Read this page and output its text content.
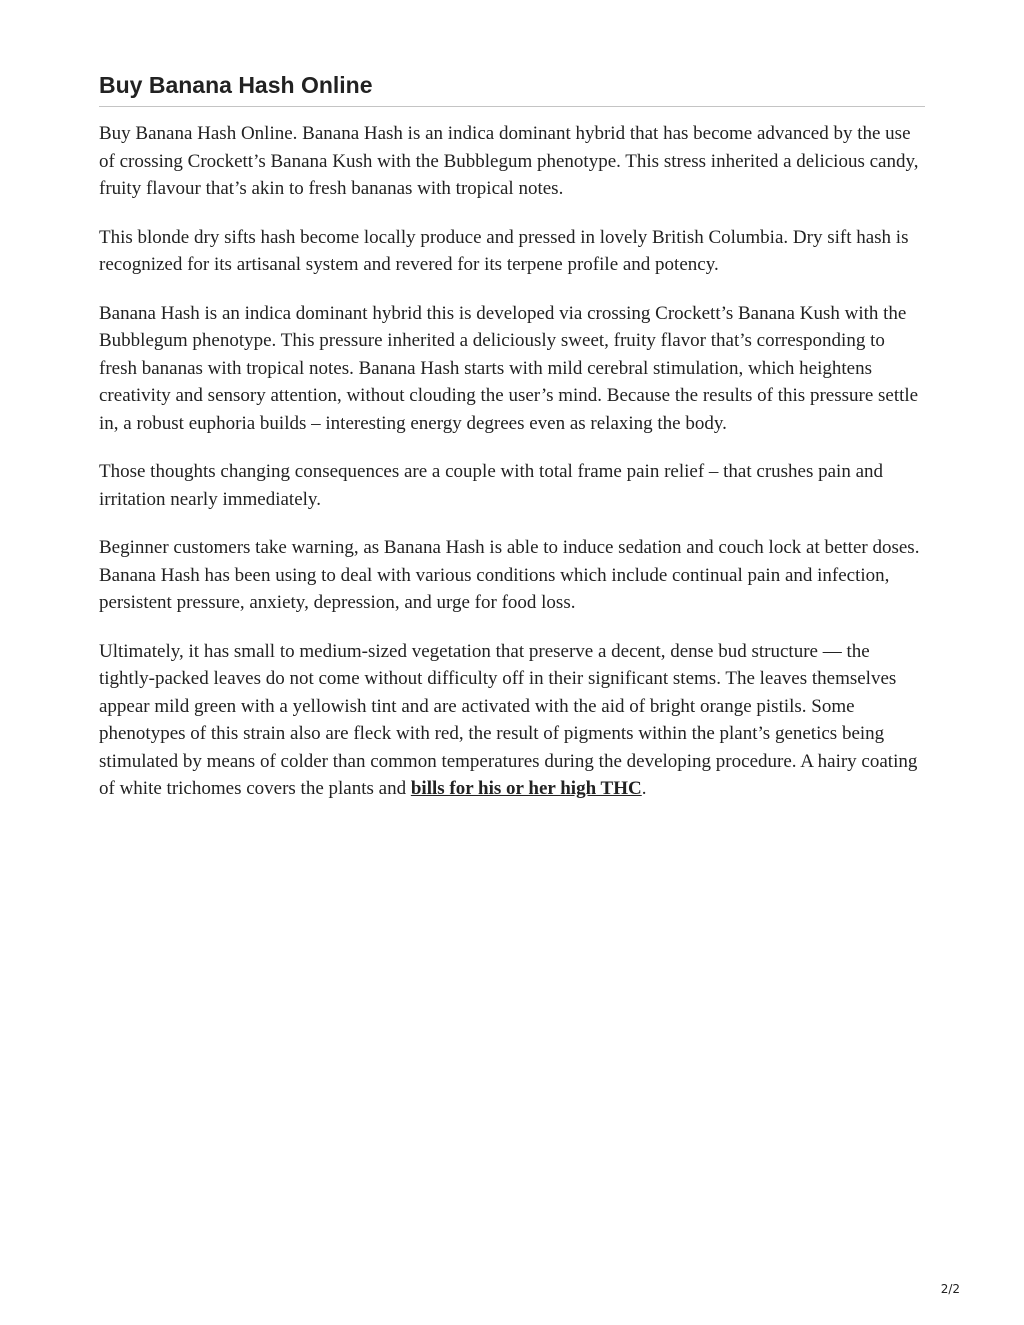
Buy Banana Hash Online

Buy Banana Hash Online. Banana Hash is an indica dominant hybrid that has become advanced by the use of crossing Crockett’s Banana Kush with the Bubblegum phenotype. This stress inherited a delicious candy, fruity flavour that’s akin to fresh bananas with tropical notes.

This blonde dry sifts hash become locally produce and pressed in lovely British Columbia. Dry sift hash is recognized for its artisanal system and revered for its terpene profile and potency.

Banana Hash is an indica dominant hybrid this is developed via crossing Crockett’s Banana Kush with the Bubblegum phenotype. This pressure inherited a deliciously sweet, fruity flavor that’s corresponding to fresh bananas with tropical notes. Banana Hash starts with mild cerebral stimulation, which heightens creativity and sensory attention, without clouding the user’s mind. Because the results of this pressure settle in, a robust euphoria builds – interesting energy degrees even as relaxing the body.

Those thoughts changing consequences are a couple with total frame pain relief – that crushes pain and irritation nearly immediately.

Beginner customers take warning, as Banana Hash is able to induce sedation and couch lock at better doses. Banana Hash has been using to deal with various conditions which include continual pain and infection, persistent pressure, anxiety, depression, and urge for food loss.

Ultimately, it has small to medium-sized vegetation that preserve a decent, dense bud structure — the tightly-packed leaves do not come without difficulty off in their significant stems. The leaves themselves appear mild green with a yellowish tint and are activated with the aid of bright orange pistils. Some phenotypes of this strain also are fleck with red, the result of pigments within the plant’s genetics being stimulated by means of colder than common temperatures during the developing procedure. A hairy coating of white trichomes covers the plants and bills for his or her high THC.

2/2
